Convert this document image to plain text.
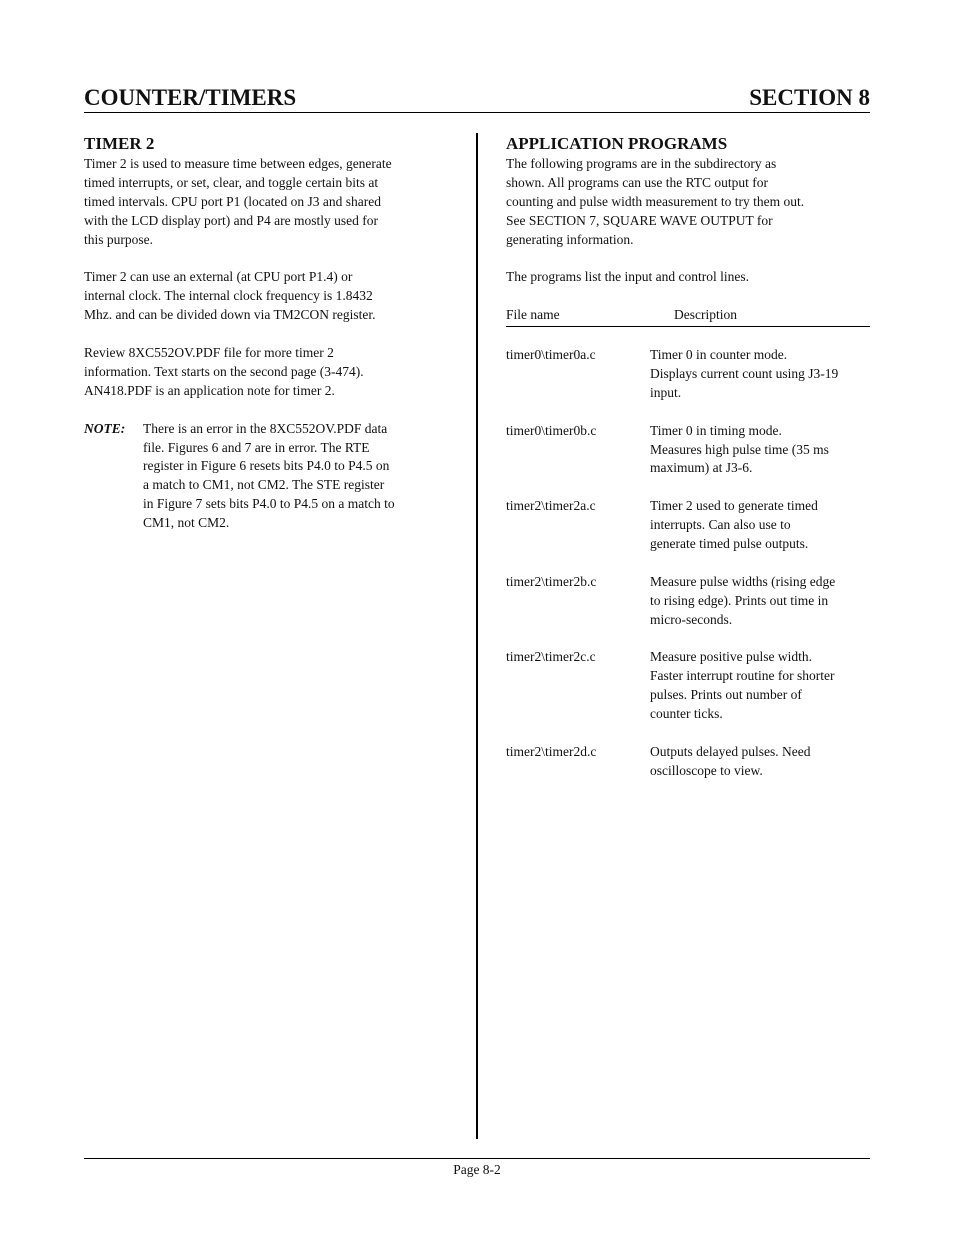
COUNTER/TIMERS	SECTION 8
TIMER 2

Timer 2 is used to measure time between edges, generate

timed interrupts, or set, clear, and toggle certain bits at

timed intervals. CPU port P1 (located on J3 and shared

with the LCD display port) and P4 are mostly used for

this purpose.

Timer 2 can use an external (at CPU port P1.4) or

internal clock. The internal clock frequency is 1.8432

Mhz. and can be divided down via TM2CON register.

Review 8XC552OV.PDF file for more timer 2

information. Text starts on the second page (3-474).

AN418.PDF is an application note for timer 2.

NOTE:	There is an error in the 8XC552OV.PDF data

file. Figures 6 and 7 are in error. The RTE

register in Figure 6 resets bits P4.0 to P4.5 on

a match to CM1, not CM2. The STE register

in Figure 7 sets bits P4.0 to P4.5 on a match to

CM1, not CM2.

APPLICATION PROGRAMS

The following programs are in the subdirectory as

shown. All programs can use the RTC output for

counting and pulse width measurement to try them out.

See SECTION 7, SQUARE WAVE OUTPUT for

generating information.

The programs list the input and control lines.

File name	Description
timer0\timer0a.c	Timer 0 in counter mode.

Displays current count using J3-19

input.

timer0\timer0b.c	Timer 0 in timing mode.

Measures high pulse time (35 ms

maximum) at J3-6.

timer2\timer2a.c	Timer 2 used to generate timed

interrupts. Can also use to

generate timed pulse outputs.

timer2\timer2b.c	Measure pulse widths (rising edge

to rising edge). Prints out time in

micro-seconds.

timer2\timer2c.c	Measure positive pulse width.

Faster interrupt routine for shorter

pulses. Prints out number of

counter ticks.

timer2\timer2d.c	Outputs delayed pulses. Need

oscilloscope to view.

Page 8-2
